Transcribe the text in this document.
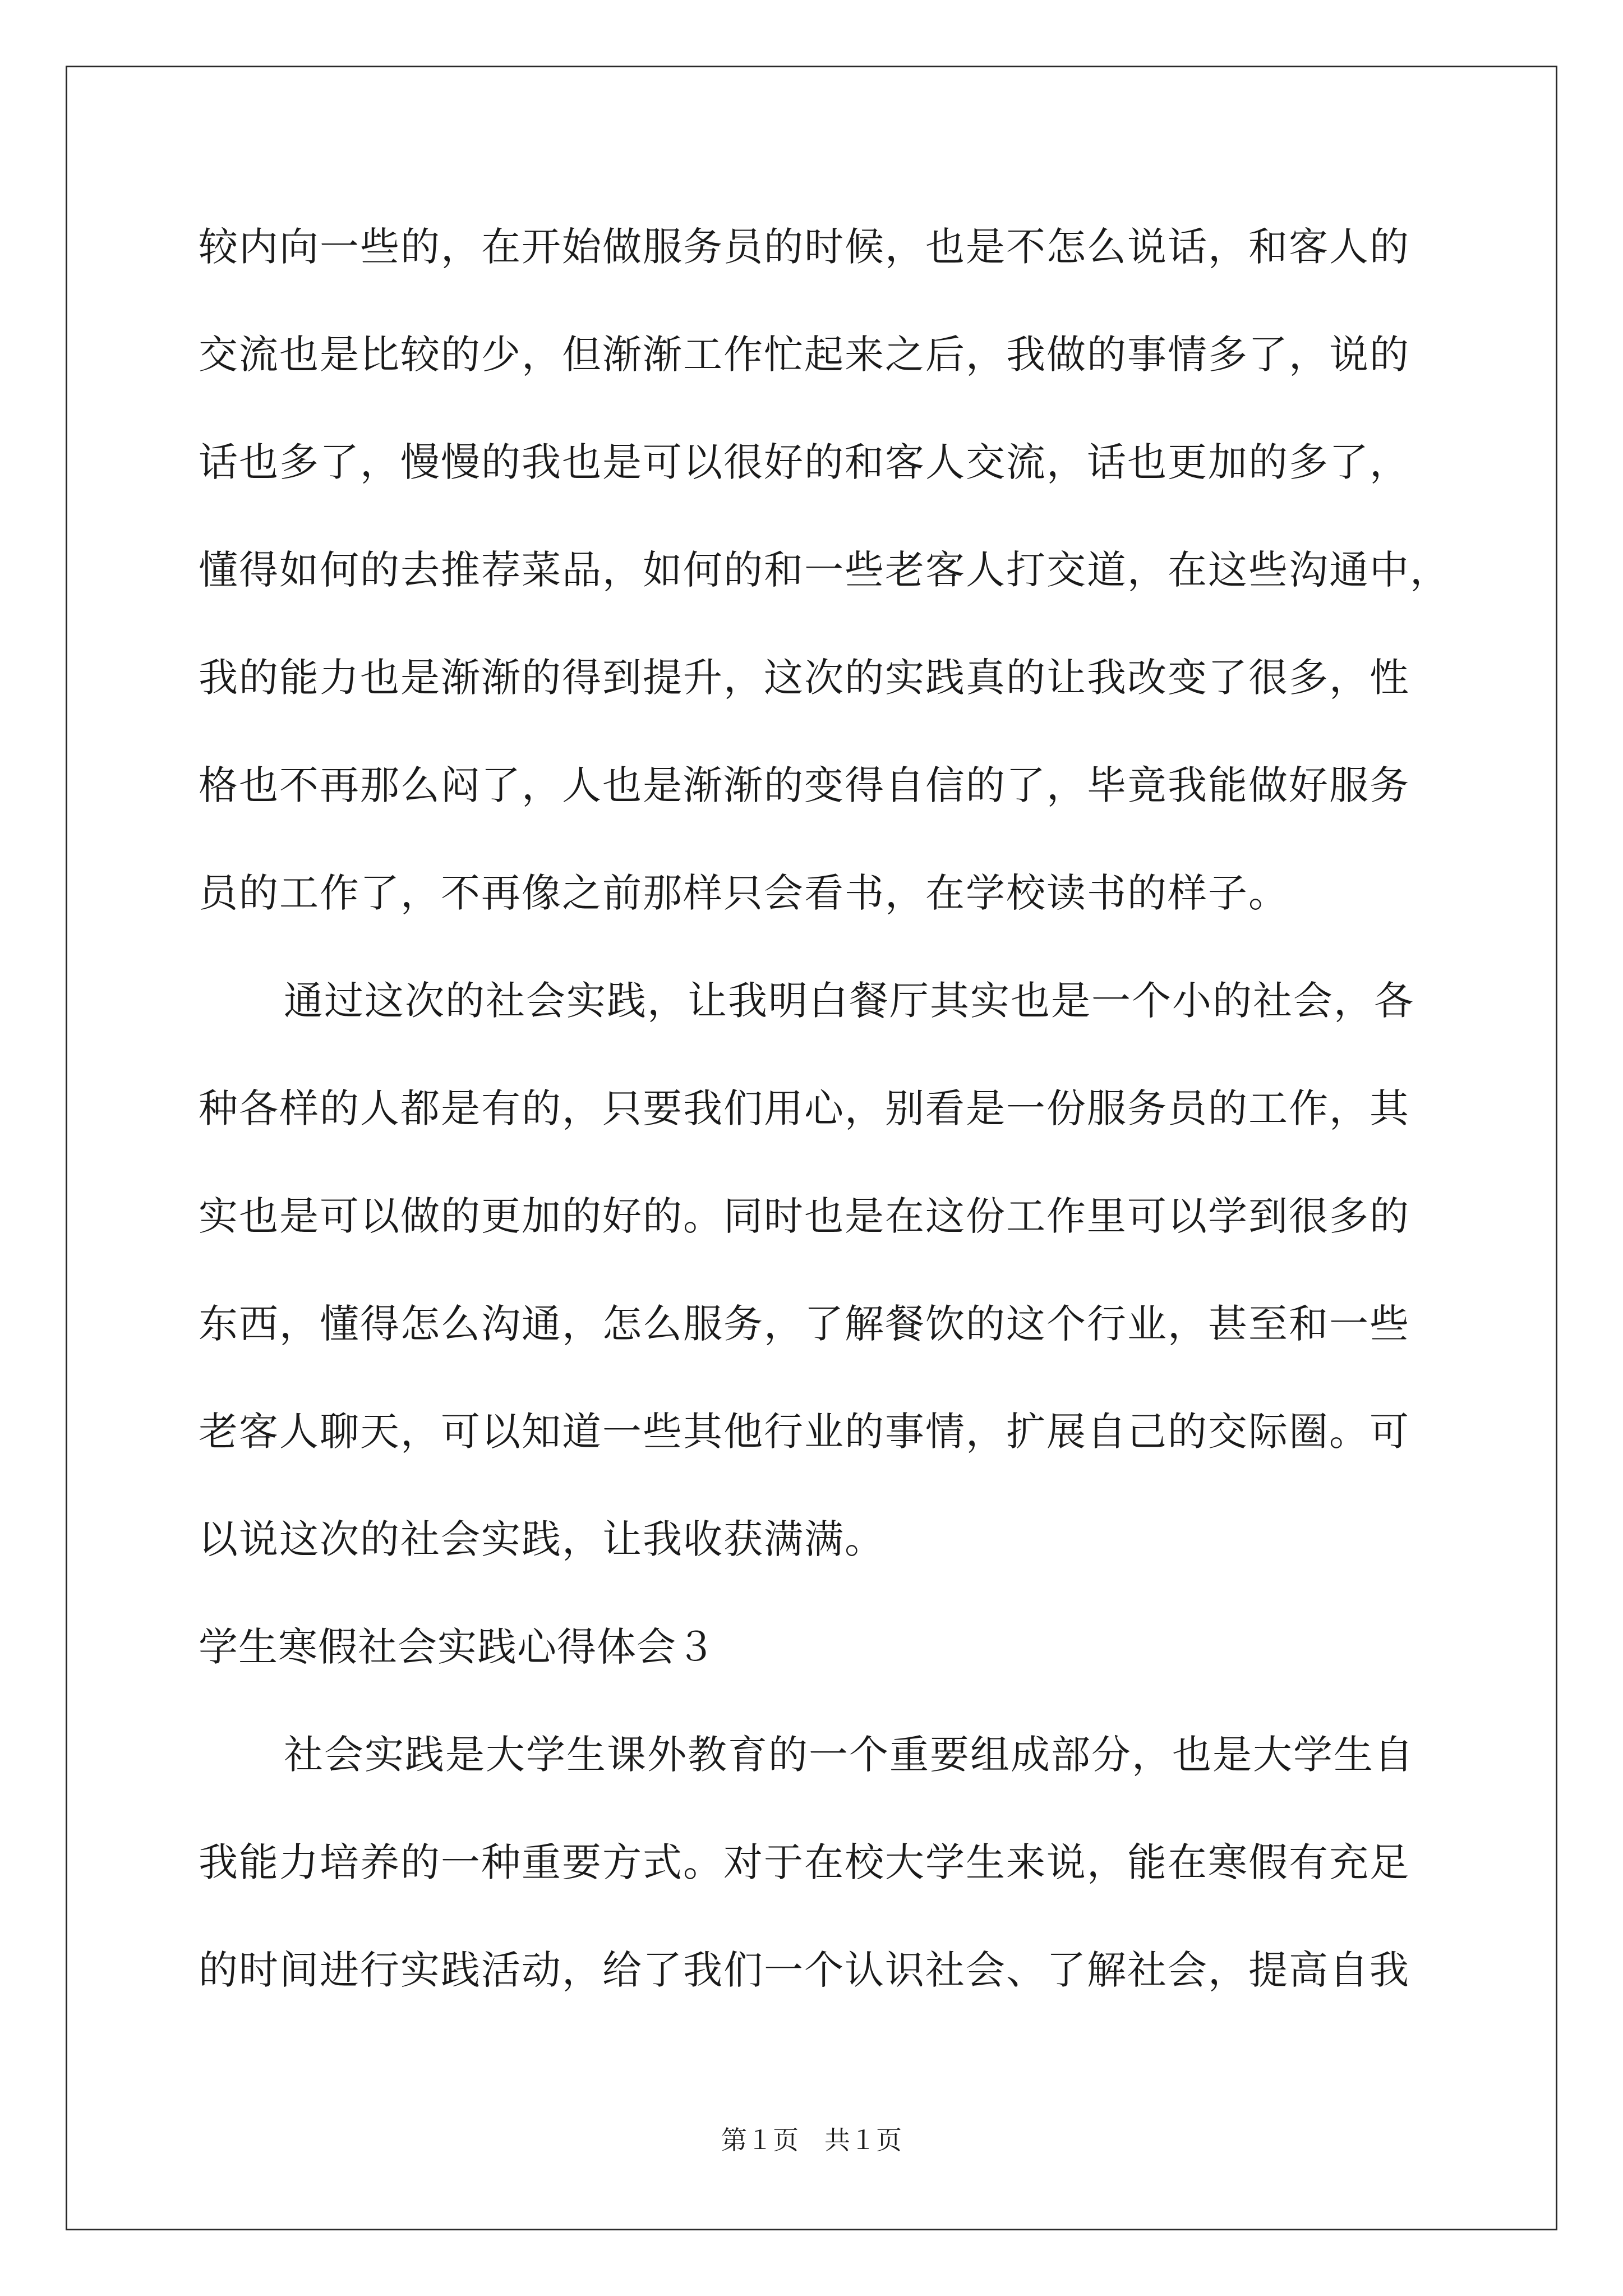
较内向一些的，在开始做服务员的时候，也是不怎么说话，和客人的
交流也是比较的少，但渐渐工作忙起来之后，我做的事情多了，说的
话也多了，慢慢的我也是可以很好的和客人交流，话也更加的多了，
懂得如何的去推荐菜品，如何的和一些老客人打交道，在这些沟通中，
我的能力也是渐渐的得到提升，这次的实践真的让我改变了很多，性
格也不再那么闷了，人也是渐渐的变得自信的了，毕竟我能做好服务
员的工作了，不再像之前那样只会看书，在学校读书的样子。
通过这次的社会实践，让我明白餐厅其实也是一个小的社会，各
种各样的人都是有的，只要我们用心，别看是一份服务员的工作，其
实也是可以做的更加的好的。同时也是在这份工作里可以学到很多的
东西，懂得怎么沟通，怎么服务，了解餐饮的这个行业，甚至和一些
老客人聊天，可以知道一些其他行业的事情，扩展自己的交际圈。可
以说这次的社会实践，让我收获满满。
学生寒假社会实践心得体会３
社会实践是大学生课外教育的一个重要组成部分，也是大学生自
我能力培养的一种重要方式。对于在校大学生来说，能在寒假有充足
的时间进行实践活动，给了我们一个认识社会、了解社会，提高自我
第１页　共１页
